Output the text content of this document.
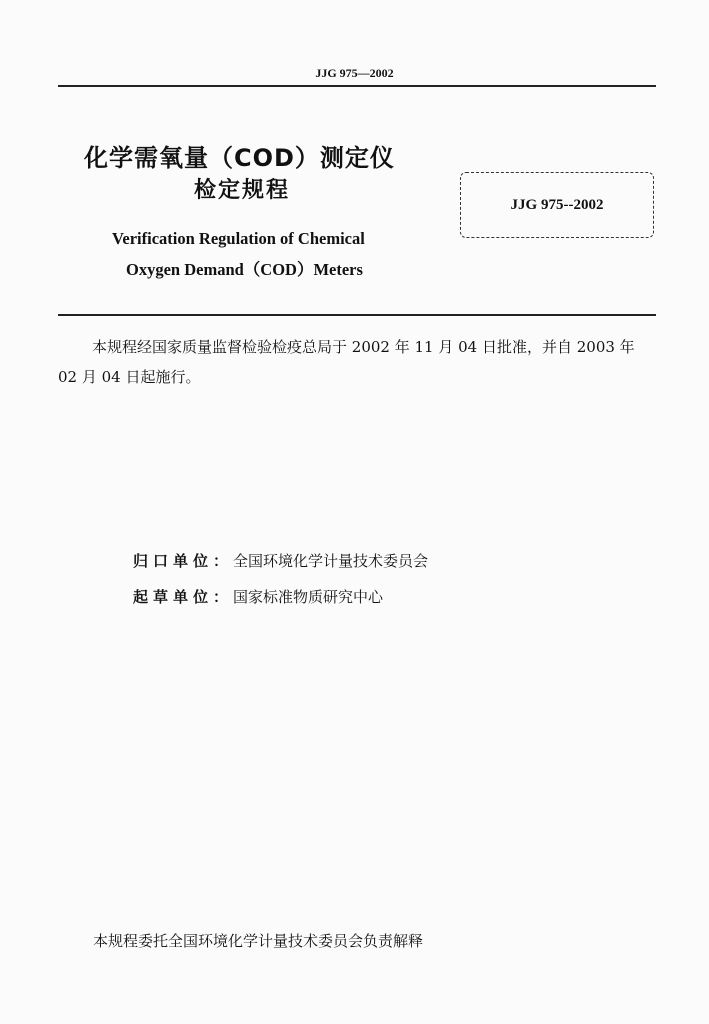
JJG 975—2002
化学需氧量（COD）测定仪
检定规程
Verification Regulation of Chemical
Oxygen Demand（COD）Meters
JJG 975--2002
本规程经国家质量监督检验检疫总局于 2002 年 11 月 04 日批准，并自 2003 年 02 月 04 日起施行。
归口单位：全国环境化学计量技术委员会
起草单位：国家标准物质研究中心
本规程委托全国环境化学计量技术委员会负责解释
